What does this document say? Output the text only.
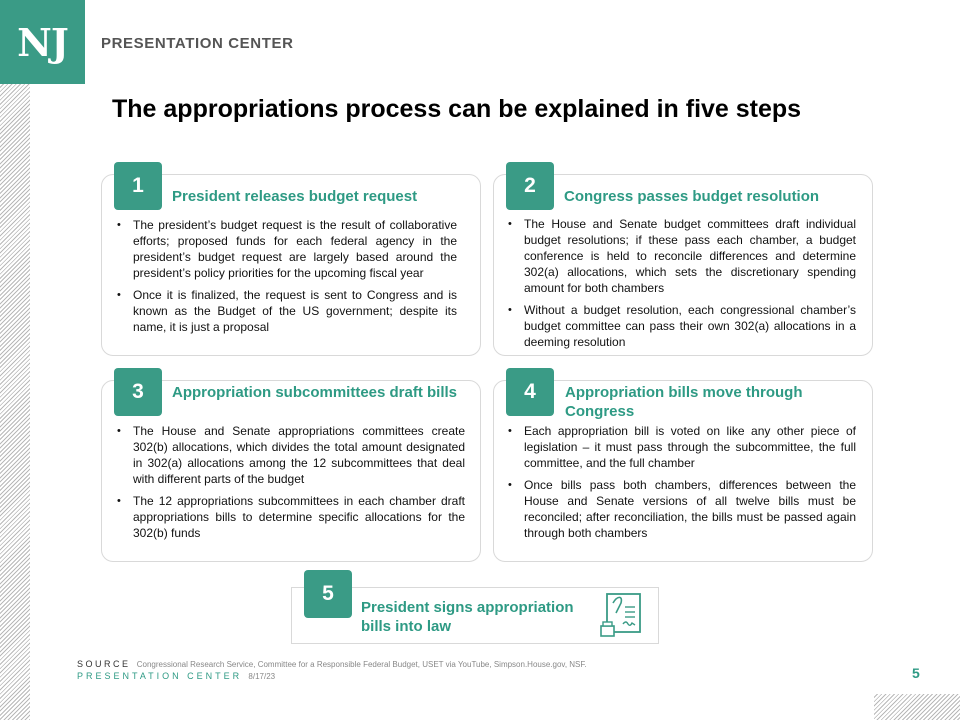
NJ PRESENTATION CENTER
The appropriations process can be explained in five steps
1	President releases budget request
• The president’s budget request is the result of collaborative efforts; proposed funds for each federal agency in the president’s budget request are largely based around the president’s policy priorities for the upcoming fiscal year
• Once it is finalized, the request is sent to Congress and is known as the Budget of the US government; despite its name, it is just a proposal
2	Congress passes budget resolution
• The House and Senate budget committees draft individual budget resolutions; if these pass each chamber, a budget conference is held to reconcile differences and determine 302(a) allocations, which sets the discretionary spending amount for both chambers
• Without a budget resolution, each congressional chamber’s budget committee can pass their own 302(a) allocations in a deeming resolution
3	Appropriation subcommittees draft bills
• The House and Senate appropriations committees create 302(b) allocations, which divides the total amount designated in 302(a) allocations among the 12 subcommittees that deal with different parts of the budget
• The 12 appropriations subcommittees in each chamber draft appropriations bills to determine specific allocations for the 302(b) funds
4	Appropriation bills move through Congress
• Each appropriation bill is voted on like any other piece of legislation – it must pass through the subcommittee, the full committee, and the full chamber
• Once bills pass both chambers, differences between the House and Senate versions of all twelve bills must be reconciled; after reconciliation, the bills must be passed again through both chambers
5
President signs appropriation bills into law
SOURCE Congressional Research Service, Committee for a Responsible Federal Budget, USET via YouTube, Simpson.House.gov, NSF.
PRESENTATION CENTER 8/17/23	5
